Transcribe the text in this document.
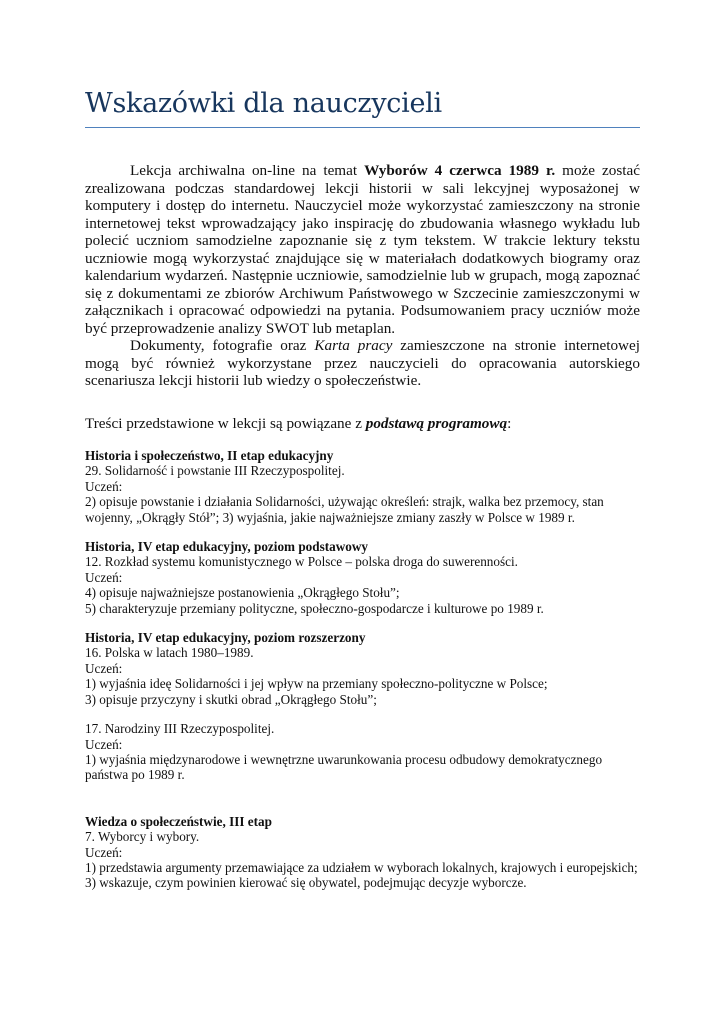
Wskazówki dla nauczycieli

Lekcja archiwalna on-line na temat Wyborów 4 czerwca 1989 r. może zostać zrealizowana podczas standardowej lekcji historii w sali lekcyjnej wyposażonej w komputery i dostęp do internetu. Nauczyciel może wykorzystać zamieszczony na stronie internetowej tekst wprowadzający jako inspirację do zbudowania własnego wykładu lub polecić uczniom samodzielne zapoznanie się z tym tekstem. W trakcie lektury tekstu uczniowie mogą wykorzystać znajdujące się w materiałach dodatkowych biogramy oraz kalendarium wydarzeń. Następnie uczniowie, samodzielnie lub w grupach, mogą zapoznać się z dokumentami ze zbiorów Archiwum Państwowego w Szczecinie zamieszczonymi w załącznikach i opracować odpowiedzi na pytania. Podsumowaniem pracy uczniów może być przeprowadzenie analizy SWOT lub metaplan.

Dokumenty, fotografie oraz Karta pracy zamieszczone na stronie internetowej mogą być również wykorzystane przez nauczycieli do opracowania autorskiego scenariusza lekcji historii lub wiedzy o społeczeństwie.

Treści przedstawione w lekcji są powiązane z podstawą programową:
Historia i społeczeństwo, II etap edukacyjny
29. Solidarność i powstanie III Rzeczypospolitej.
Uczeń:
2) opisuje powstanie i działania Solidarności, używając określeń: strajk, walka bez przemocy, stan wojenny, „Okrągły Stół”; 3) wyjaśnia, jakie najważniejsze zmiany zaszły w Polsce w 1989 r.
Historia, IV etap edukacyjny, poziom podstawowy
12. Rozkład systemu komunistycznego w Polsce – polska droga do suwerenności.
Uczeń:
4) opisuje najważniejsze postanowienia „Okrągłego Stołu”;
5) charakteryzuje przemiany polityczne, społeczno-gospodarcze i kulturowe po 1989 r.
Historia, IV etap edukacyjny, poziom rozszerzony
16. Polska w latach 1980–1989.
Uczeń:
1) wyjaśnia ideę Solidarności i jej wpływ na przemiany społeczno-polityczne w Polsce;
3) opisuje przyczyny i skutki obrad „Okrągłego Stołu”;
17. Narodziny III Rzeczypospolitej.
Uczeń:
1) wyjaśnia międzynarodowe i wewnętrzne uwarunkowania procesu odbudowy demokratycznego państwa po 1989 r.
Wiedza o społeczeństwie, III etap
7. Wyborcy i wybory.
Uczeń:
1) przedstawia argumenty przemawiające za udziałem w wyborach lokalnych, krajowych i europejskich;
3) wskazuje, czym powinien kierować się obywatel, podejmując decyzje wyborcze.
